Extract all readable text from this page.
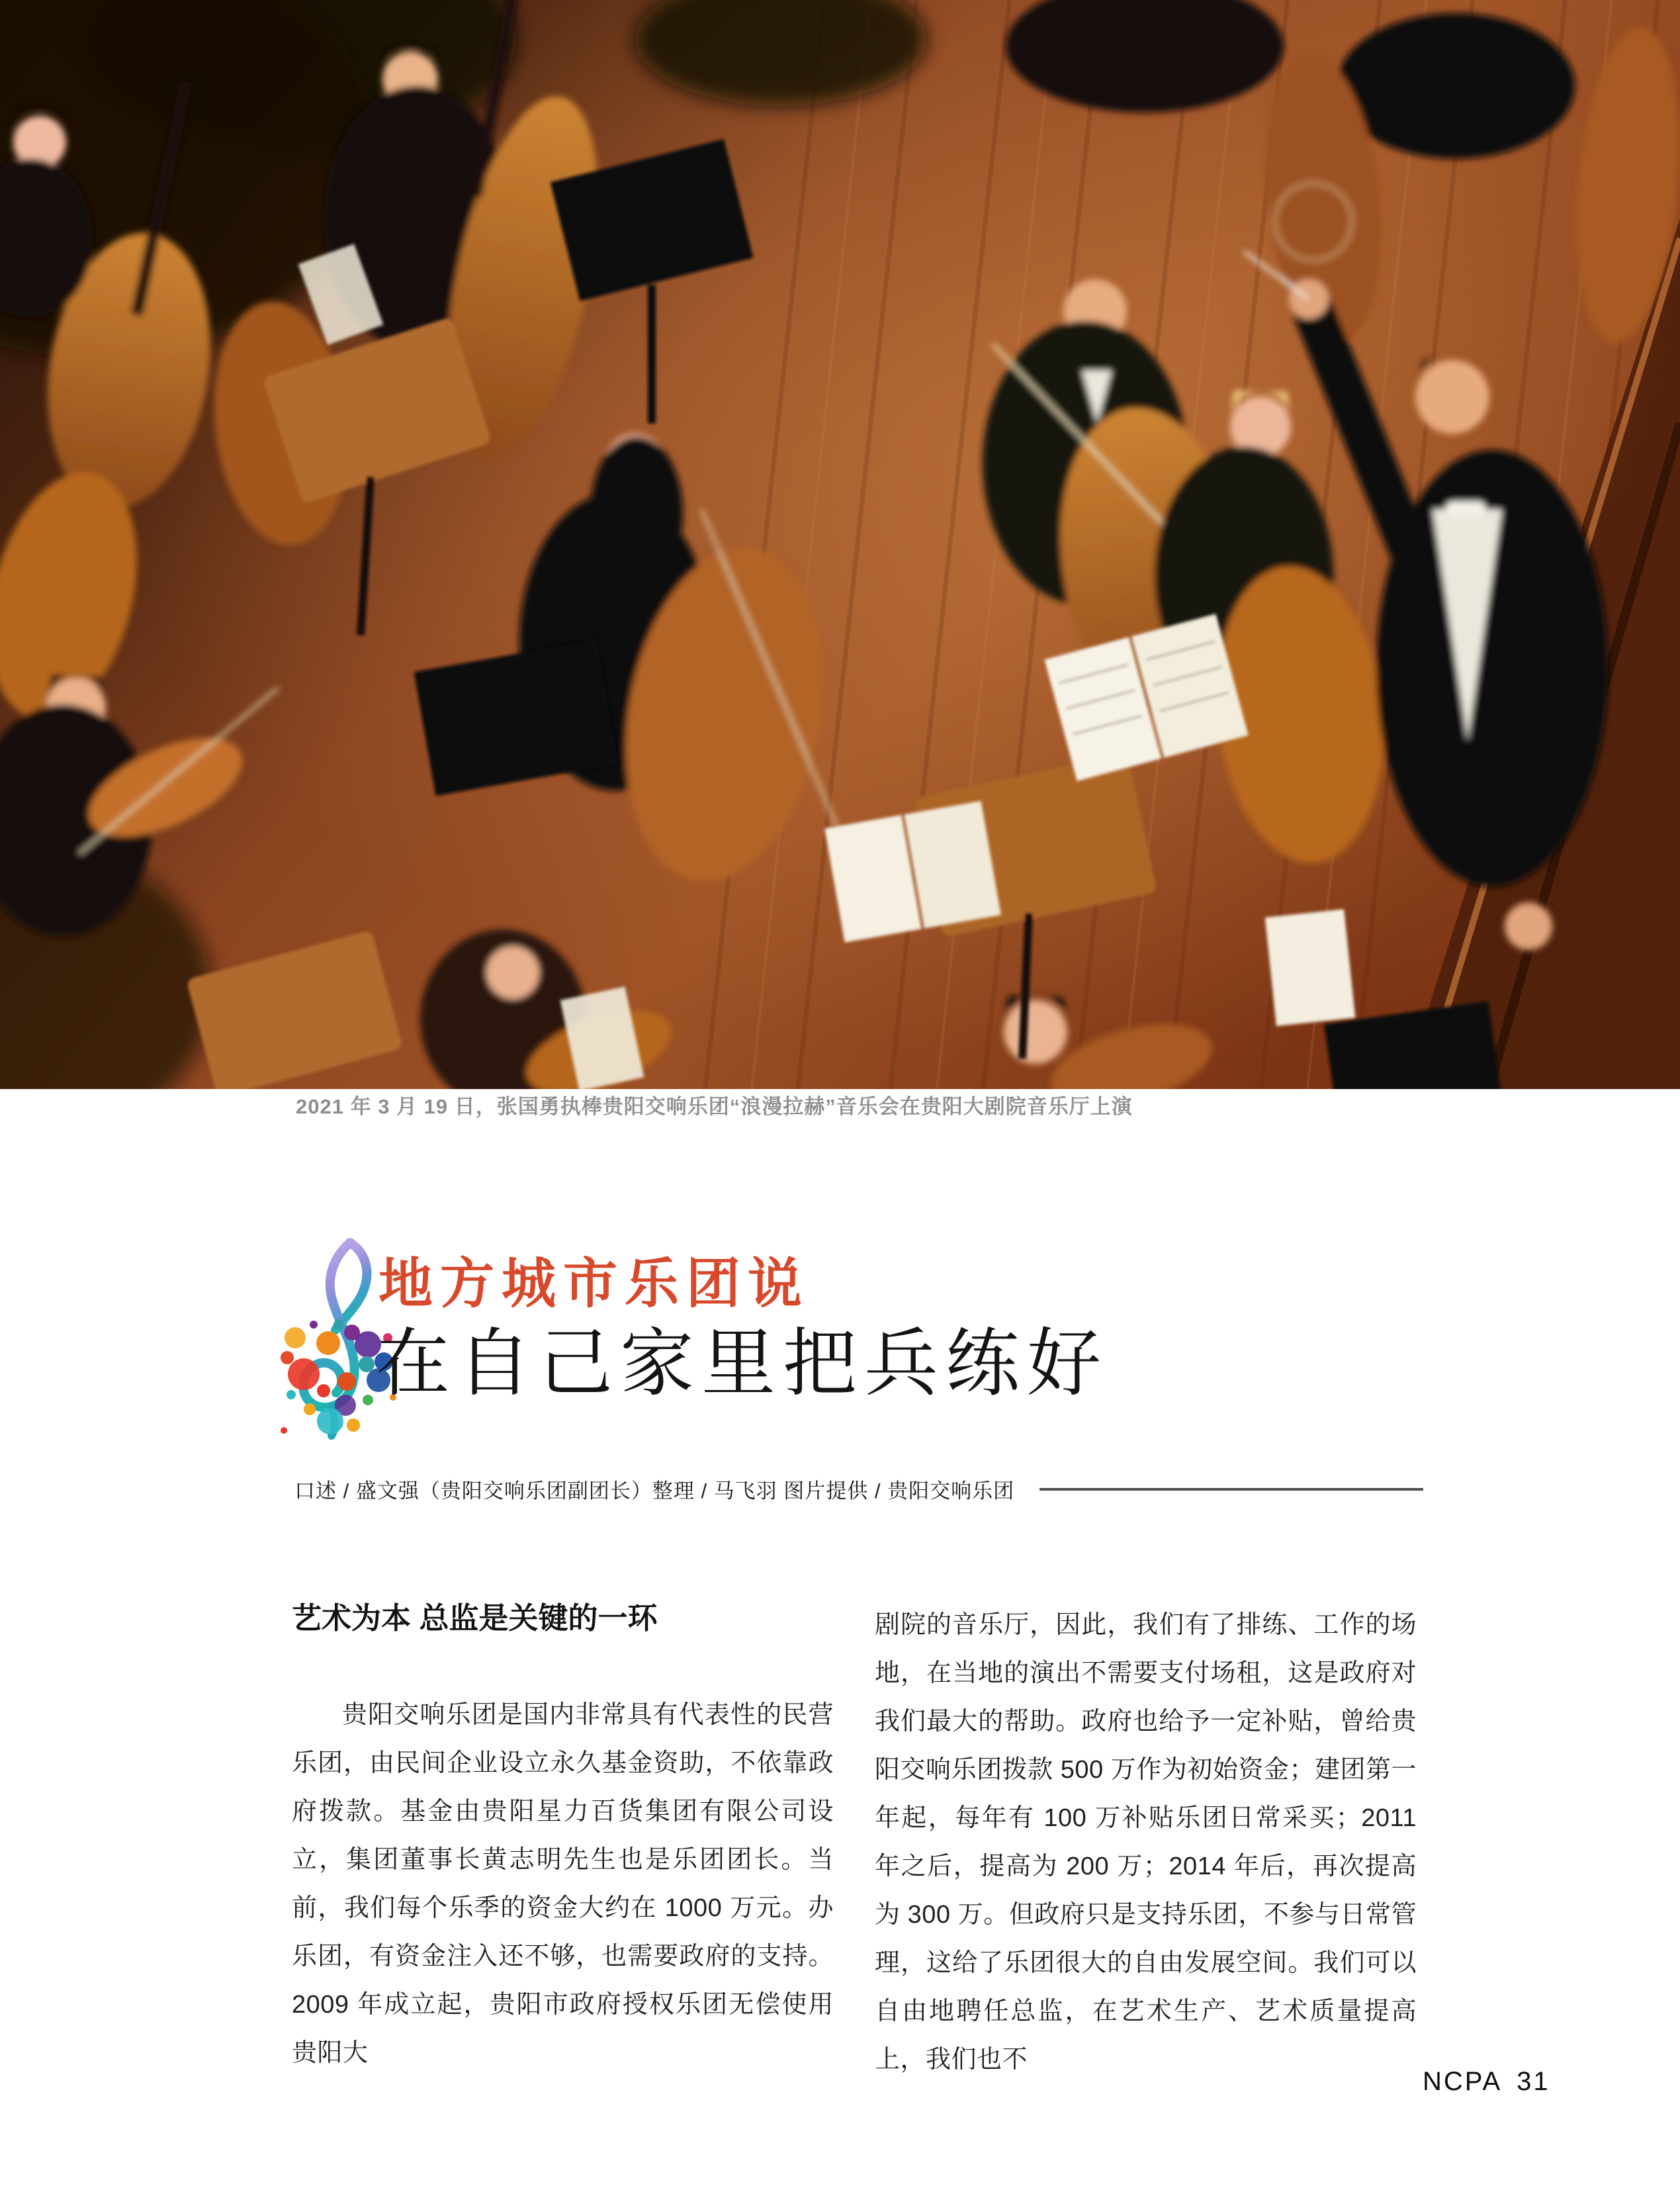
2021 年 3 月 19 日，张国勇执棒贵阳交响乐团“浪漫拉赫”音乐会在贵阳大剧院音乐厅上演

地方城市乐团说
在自己家里把兵练好
口述 / 盛文强（贵阳交响乐团副团长）整理 / 马飞羽 图片提供 / 贵阳交响乐团
艺术为本 总监是关键的一环

贵阳交响乐团是国内非常具有代表性的民营乐团，由民间企业设立永久基金资助，不依靠政府拨款。基金由贵阳星力百货集团有限公司设立，集团董事长黄志明先生也是乐团团长。当前，我们每个乐季的资金大约在 1000 万元。办乐团，有资金注入还不够，也需要政府的支持。2009 年成立起，贵阳市政府授权乐团无偿使用贵阳大

剧院的音乐厅，因此，我们有了排练、工作的场地，在当地的演出不需要支付场租，这是政府对我们最大的帮助。政府也给予一定补贴，曾给贵阳交响乐团拨款 500 万作为初始资金；建团第一年起，每年有 100 万补贴乐团日常采买；2011 年之后，提高为 200 万；2014 年后，再次提高为 300 万。但政府只是支持乐团，不参与日常管理，这给了乐团很大的自由发展空间。我们可以自由地聘任总监，在艺术生产、艺术质量提高上，我们也不

NCPA 31
